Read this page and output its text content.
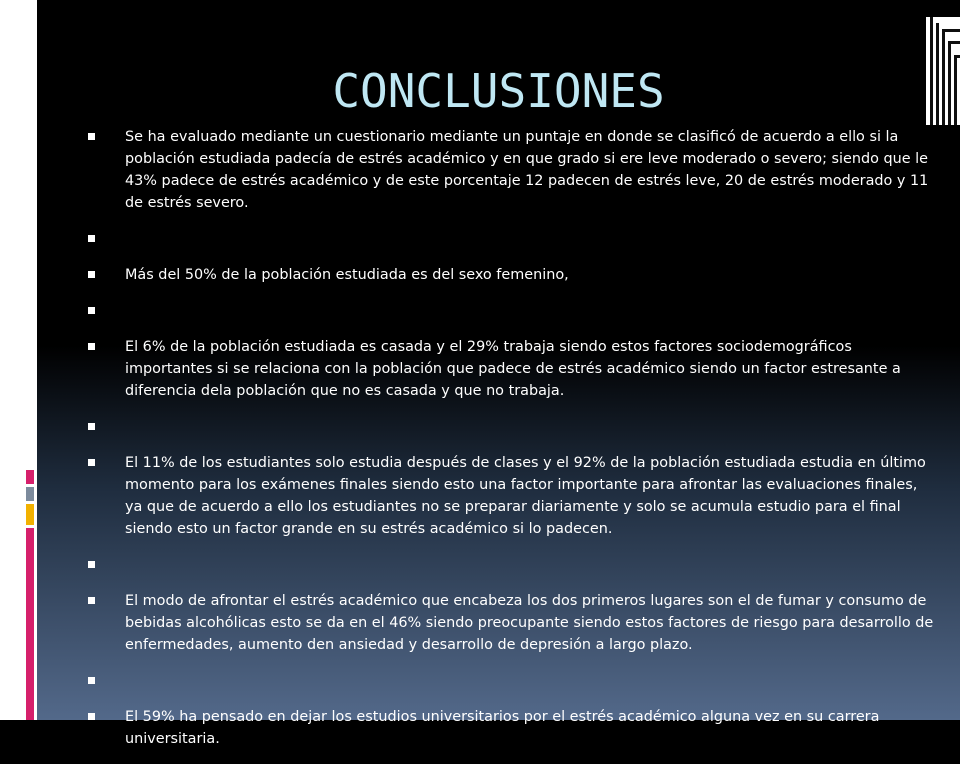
CONCLUSIONES
Se ha evaluado mediante un cuestionario mediante un puntaje en donde se clasificó de acuerdo a ello si la población estudiada padecía de estrés académico y en que grado si ere leve moderado o severo; siendo que le 43% padece de estrés académico y de este porcentaje 12 padecen de estrés leve, 20 de estrés moderado y 11 de estrés severo.
Más del 50% de la población estudiada es del sexo femenino,
El 6% de la población estudiada es casada y el 29% trabaja siendo estos factores sociodemográficos importantes si se relaciona con la población que padece de estrés académico siendo un factor estresante a diferencia dela población que no es casada y que no trabaja.
El 11% de los estudiantes solo estudia después de clases y el 92% de la población estudiada estudia en último momento para los exámenes finales siendo esto una factor importante para afrontar las evaluaciones finales, ya que de acuerdo a ello los estudiantes no se preparar diariamente y solo se acumula estudio para el final siendo esto un factor grande en su estrés académico si lo padecen.
El modo de afrontar el estrés académico que encabeza los dos primeros lugares son el de fumar y consumo de bebidas alcohólicas esto se da en el 46% siendo preocupante siendo estos factores de riesgo para desarrollo de enfermedades, aumento den ansiedad y desarrollo de depresión a largo plazo.
El 59% ha pensado en dejar los estudios universitarios por el estrés académico alguna vez en su carrera universitaria.
